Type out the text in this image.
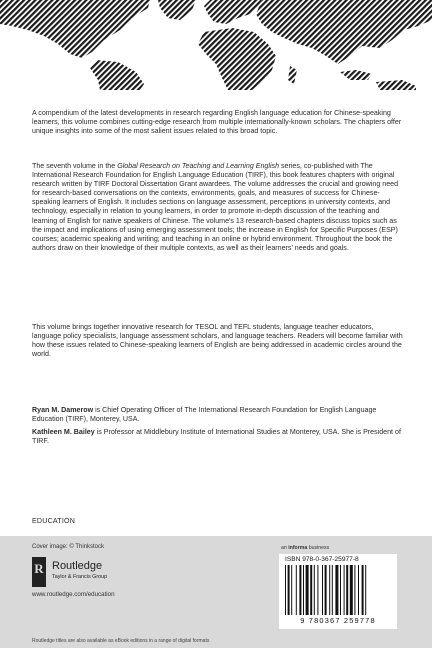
A compendium of the latest developments in research regarding English language education for Chinese-speaking learners, this volume combines cutting-edge research from multiple internationally-known scholars. The chapters offer unique insights into some of the most salient issues related to this broad topic.

The seventh volume in the Global Research on Teaching and Learning English series, co-published with The International Research Foundation for English Language Education (TIRF), this book features chapters with original research written by TIRF Doctoral Dissertation Grant awardees. The volume addresses the crucial and growing need for research-based conversations on the contexts, environments, goals, and measures of success for Chinese-speaking learners of English. It includes sections on language assessment, perceptions in university contexts, and technology, especially in relation to young learners, in order to promote in-depth discussion of the teaching and learning of English for native speakers of Chinese. The volume's 13 research-based chapters discuss topics such as the impact and implications of using emerging assessment tools; the increase in English for Specific Purposes (ESP) courses; academic speaking and writing; and teaching in an online or hybrid environment. Throughout the book the authors draw on their knowledge of their multiple contexts, as well as their learners' needs and goals.

This volume brings together innovative research for TESOL and TEFL students, language teacher educators, language policy specialists, language assessment scholars, and language teachers. Readers will become familiar with how these issues related to Chinese-speaking learners of English are being addressed in academic circles around the world.

Ryan M. Damerow is Chief Operating Officer of The International Research Foundation for English Language Education (TIRF), Monterey, USA.

Kathleen M. Bailey is Professor at Middlebury Institute of International Studies at Monterey, USA. She is President of TIRF.

EDUCATION
Cover image: © Thinkstock	an informa business
R Routledge
Taylor & Francis Group
www.routledge.com/education
ISBN 978-0-367-25977-8
9 780367 259778
Routledge titles are also available as eBook editions in a range of digital formats
